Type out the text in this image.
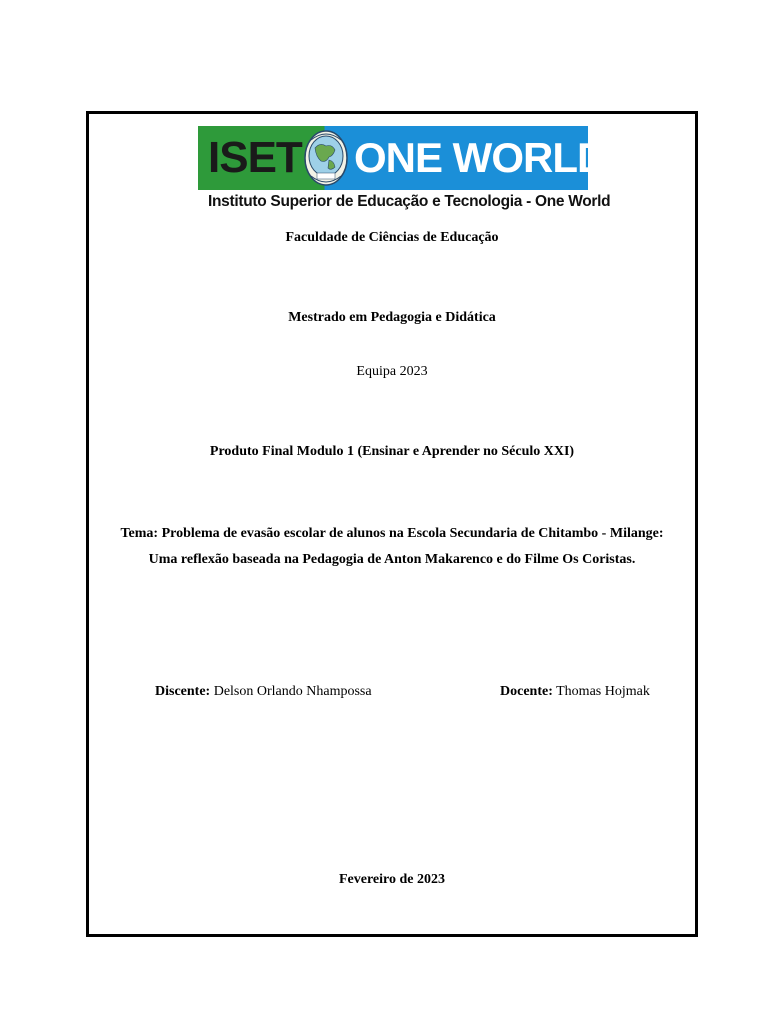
ISET ONE WORLD
Instituto Superior de Educação e Tecnologia - One World
Faculdade de Ciências de Educação
Mestrado em Pedagogia e Didática
Equipa 2023
Produto Final Modulo 1 (Ensinar e Aprender no Século XXI)
Tema: Problema de evasão escolar de alunos na Escola Secundaria de Chitambo - Milange:
Uma reflexão baseada na Pedagogia de Anton Makarenco e do Filme Os Coristas.
Discente: Delson Orlando Nhampossa	Docente: Thomas Hojmak
Fevereiro de 2023
